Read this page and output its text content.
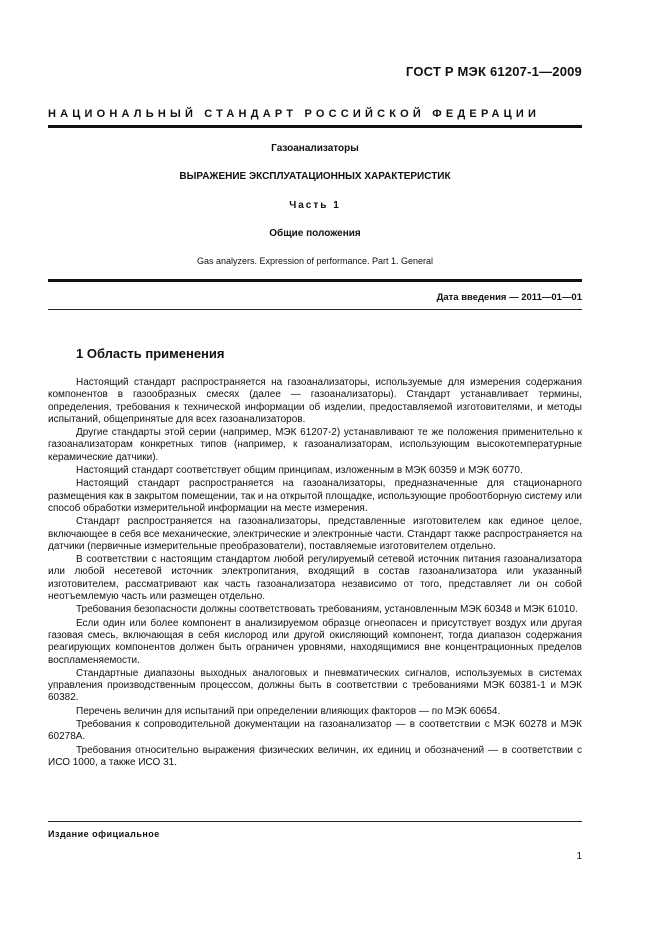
ГОСТ Р МЭК 61207-1—2009
НАЦИОНАЛЬНЫЙ СТАНДАРТ РОССИЙСКОЙ ФЕДЕРАЦИИ
Газоанализаторы
ВЫРАЖЕНИЕ ЭКСПЛУАТАЦИОННЫХ ХАРАКТЕРИСТИК
Часть 1
Общие положения
Gas analyzers. Expression of performance. Part 1. General
Дата введения — 2011—01—01
1 Область применения

Настоящий стандарт распространяется на газоанализаторы, используемые для измерения содержания компонентов в газообразных смесях (далее — газоанализаторы). Стандарт устанавливает термины, определения, требования к технической информации об изделии, предоставляемой изготовителями, и методы испытаний, общепринятые для всех газоанализаторов.

Другие стандарты этой серии (например, МЭК 61207-2) устанавливают те же положения применительно к газоанализаторам конкретных типов (например, к газоанализаторам, использующим высокотемпературные керамические датчики).

Настоящий стандарт соответствует общим принципам, изложенным в МЭК 60359 и МЭК 60770.

Настоящий стандарт распространяется на газоанализаторы, предназначенные для стационарного размещения как в закрытом помещении, так и на открытой площадке, использующие пробоотборную систему или способ обработки измерительной информации на месте измерения.

Стандарт распространяется на газоанализаторы, представленные изготовителем как единое целое, включающее в себя все механические, электрические и электронные части. Стандарт также распространяется на датчики (первичные измерительные преобразователи), поставляемые изготовителем отдельно.

В соответствии с настоящим стандартом любой регулируемый сетевой источник питания газоанализатора или любой несетевой источник электропитания, входящий в состав газоанализатора или указанный изготовителем, рассматривают как часть газоанализатора независимо от того, представляет ли он собой неотъемлемую часть или размещен отдельно.

Требования безопасности должны соответствовать требованиям, установленным МЭК 60348 и МЭК 61010.

Если один или более компонент в анализируемом образце огнеопасен и присутствует воздух или другая газовая смесь, включающая в себя кислород или другой окисляющий компонент, тогда диапазон содержания реагирующих компонентов должен быть ограничен уровнями, находящимися вне концентрационных пределов воспламеняемости.

Стандартные диапазоны выходных аналоговых и пневматических сигналов, используемых в системах управления производственным процессом, должны быть в соответствии с требованиями МЭК 60381-1 и МЭК 60382.

Перечень величин для испытаний при определении влияющих факторов — по МЭК 60654.

Требования к сопроводительной документации на газоанализатор — в соответствии с МЭК 60278 и МЭК 60278А.

Требования относительно выражения физических величин, их единиц и обозначений — в соответствии с ИСО 1000, а также ИСО 31.

Издание официальное
1
